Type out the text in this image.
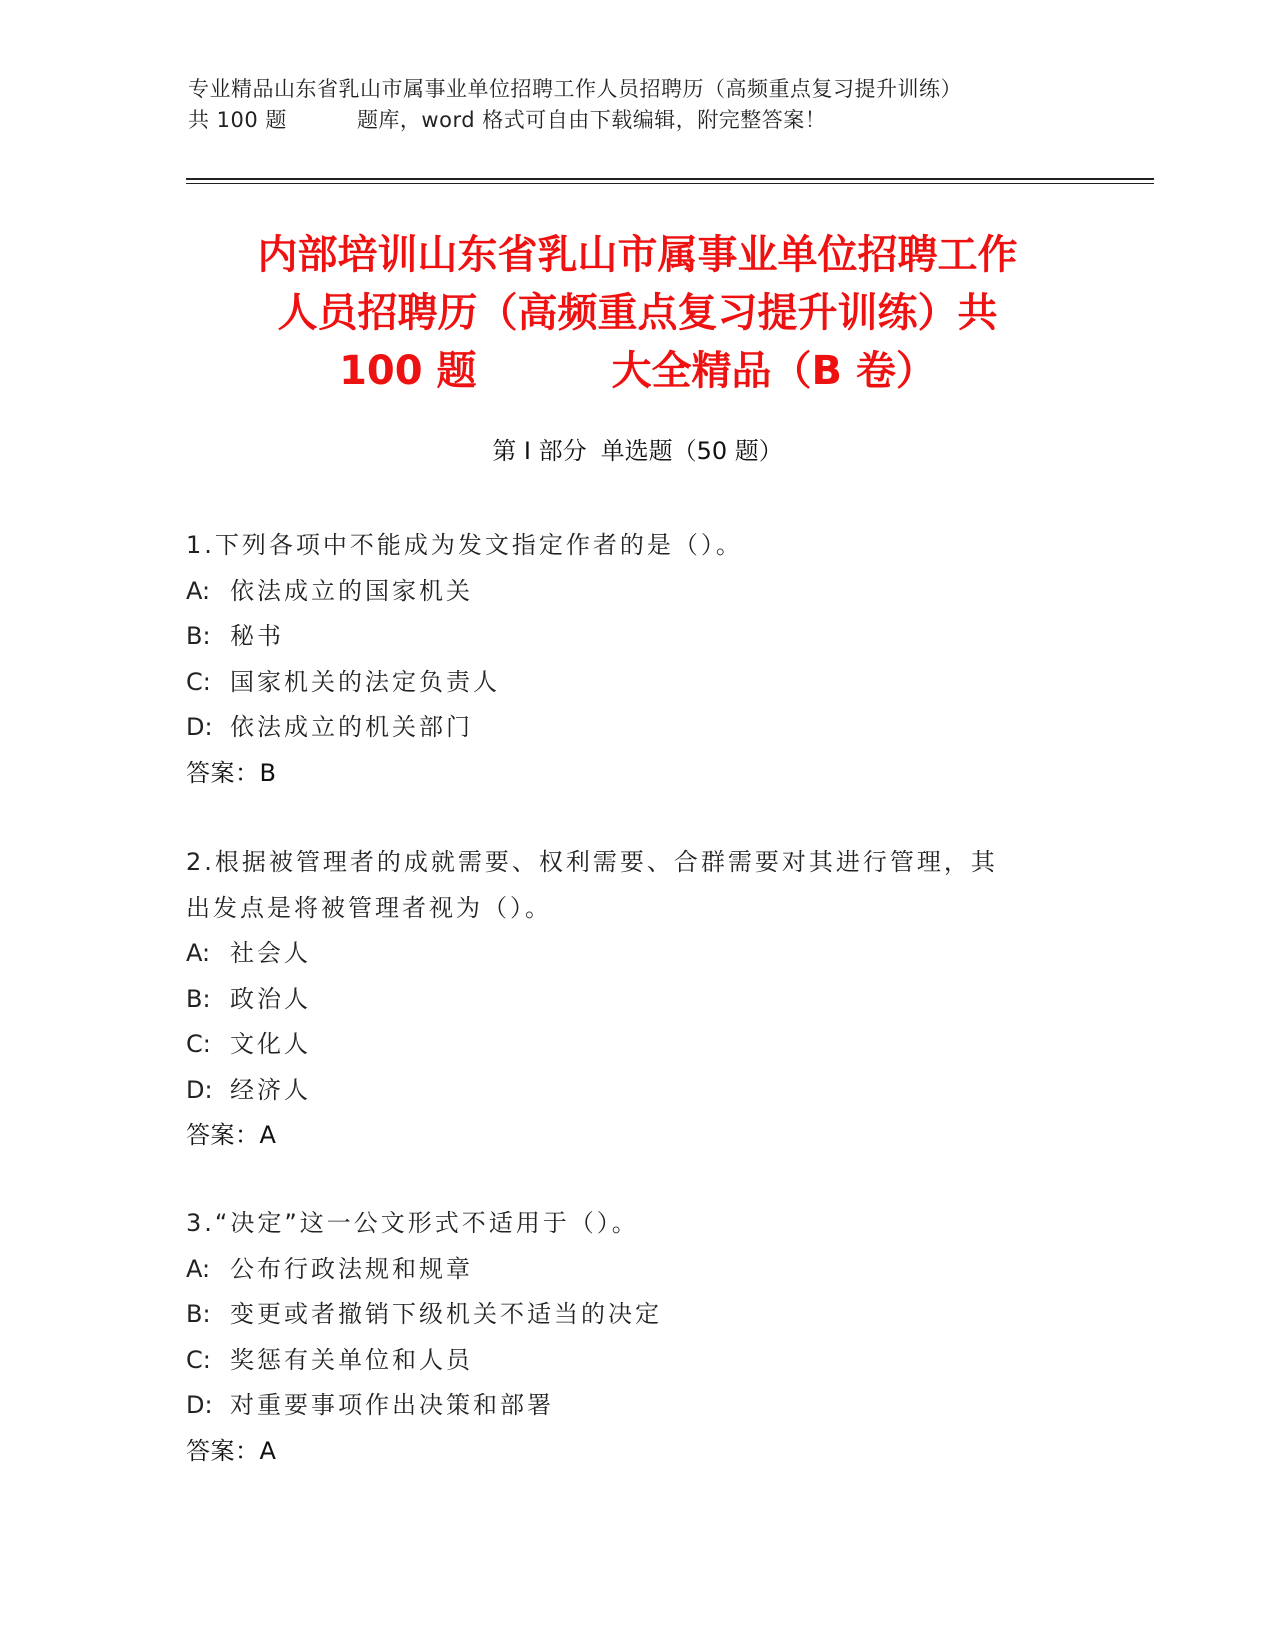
专业精品山东省乳山市属事业单位招聘工作人员招聘历（高频重点复习提升训练）
共 100 题	题库，word 格式可自由下载编辑，附完整答案！
内部培训山东省乳山市属事业单位招聘工作
人员招聘历（高频重点复习提升训练）共
100 题	大全精品（B 卷）
第 I 部分 单选题（50 题）
1.下列各项中不能成为发文指定作者的是（）。
A: 依法成立的国家机关
B: 秘书
C: 国家机关的法定负责人
D: 依法成立的机关部门
答案：B
2.根据被管理者的成就需要、权利需要、合群需要对其进行管理，其
出发点是将被管理者视为（）。
A: 社会人
B: 政治人
C: 文化人
D: 经济人
答案：A
3.“决定”这一公文形式不适用于（）。
A: 公布行政法规和规章
B: 变更或者撤销下级机关不适当的决定
C: 奖惩有关单位和人员
D: 对重要事项作出决策和部署
答案：A
